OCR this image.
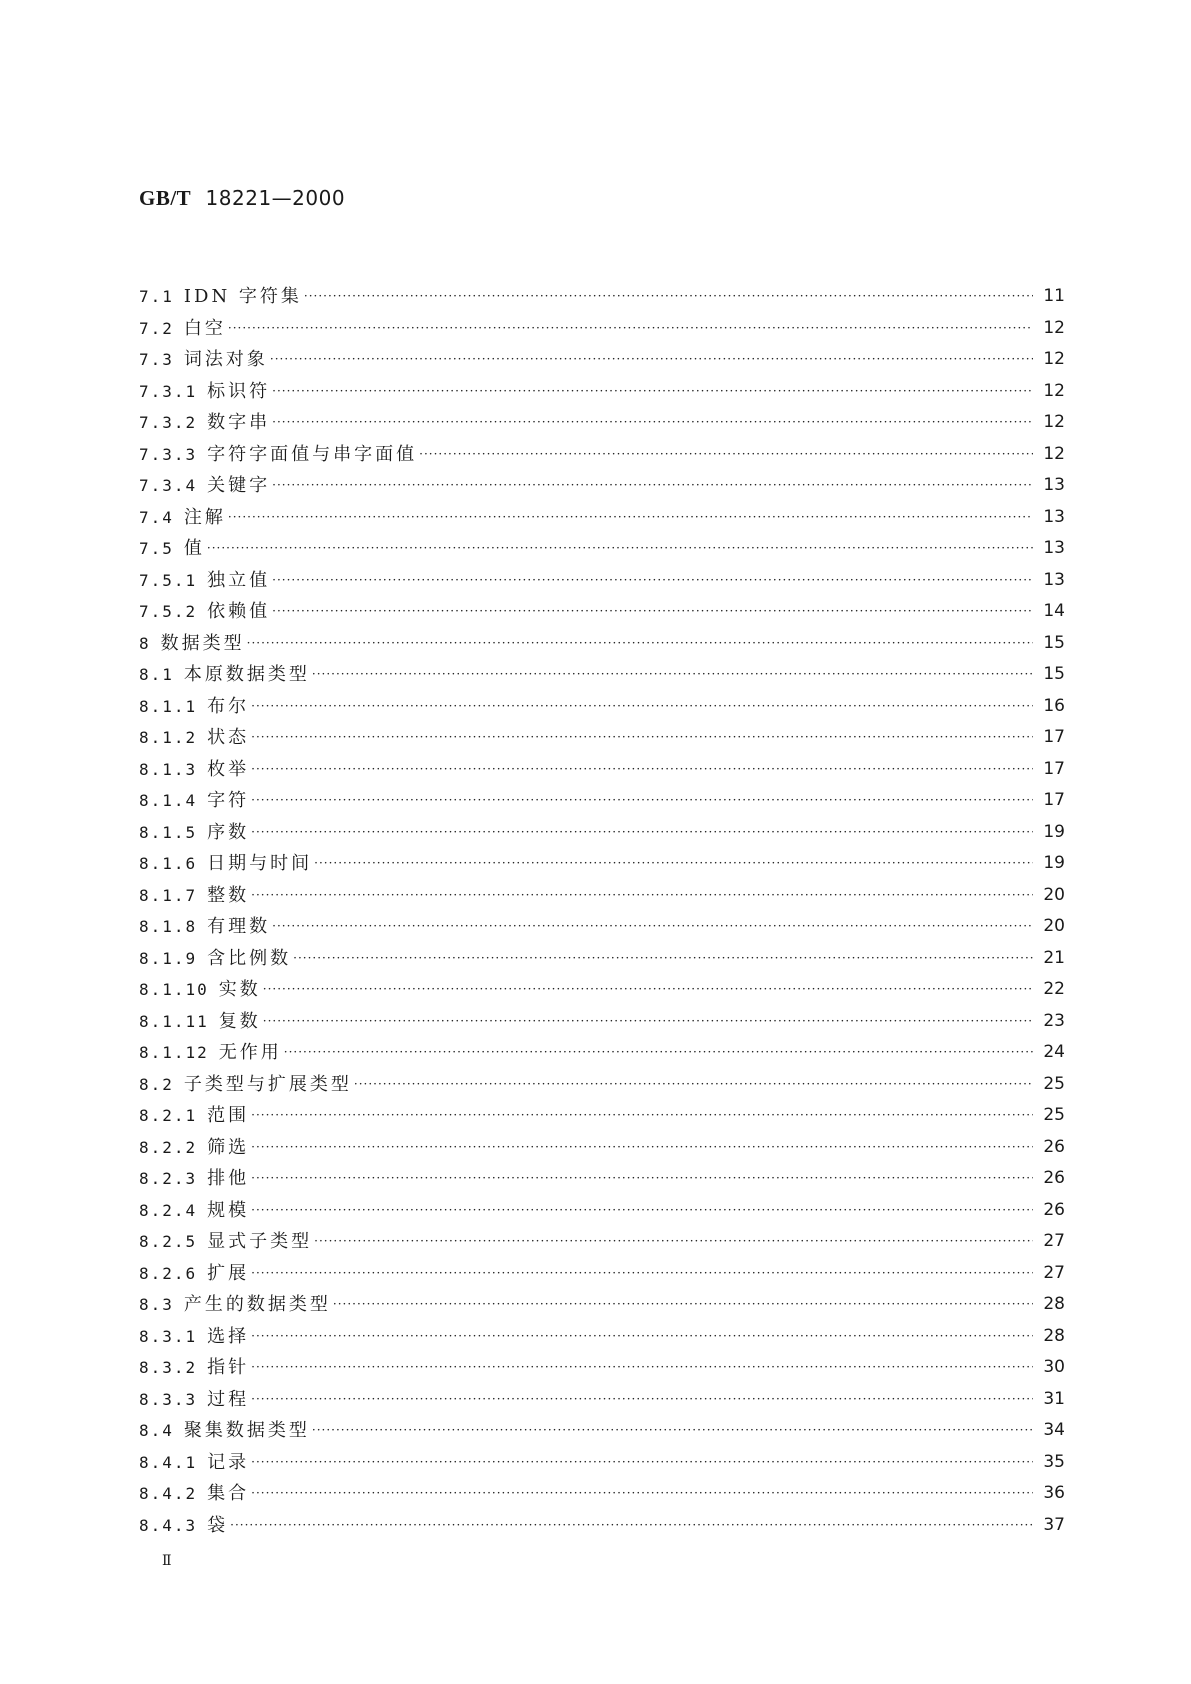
GB/T 18221—2000
7.1 IDN 字符集 ·····	11
7.2 白空 ·····	12
7.3 词法对象 ·····	12
7.3.1 标识符 ·····	12
7.3.2 数字串 ·····	12
7.3.3 字符字面值与串字面值 ·····	12
7.3.4 关键字 ·····	13
7.4 注解 ·····	13
7.5 值 ·····	13
7.5.1 独立值 ·····	13
7.5.2 依赖值 ·····	14
8 数据类型 ·····	15
8.1 本原数据类型 ·····	15
8.1.1 布尔 ·····	16
8.1.2 状态 ·····	17
8.1.3 枚举 ·····	17
8.1.4 字符 ·····	17
8.1.5 序数 ·····	19
8.1.6 日期与时间 ·····	19
8.1.7 整数 ·····	20
8.1.8 有理数 ·····	20
8.1.9 含比例数 ·····	21
8.1.10 实数 ·····	22
8.1.11 复数 ·····	23
8.1.12 无作用 ·····	24
8.2 子类型与扩展类型 ·····	25
8.2.1 范围 ·····	25
8.2.2 筛选 ·····	26
8.2.3 排他 ·····	26
8.2.4 规模 ·····	26
8.2.5 显式子类型 ·····	27
8.2.6 扩展 ·····	27
8.3 产生的数据类型 ·····	28
8.3.1 选择 ·····	28
8.3.2 指针 ·····	30
8.3.3 过程 ·····	31
8.4 聚集数据类型 ·····	34
8.4.1 记录 ·····	35
8.4.2 集合 ·····	36
8.4.3 袋 ·····	37
Ⅱ
